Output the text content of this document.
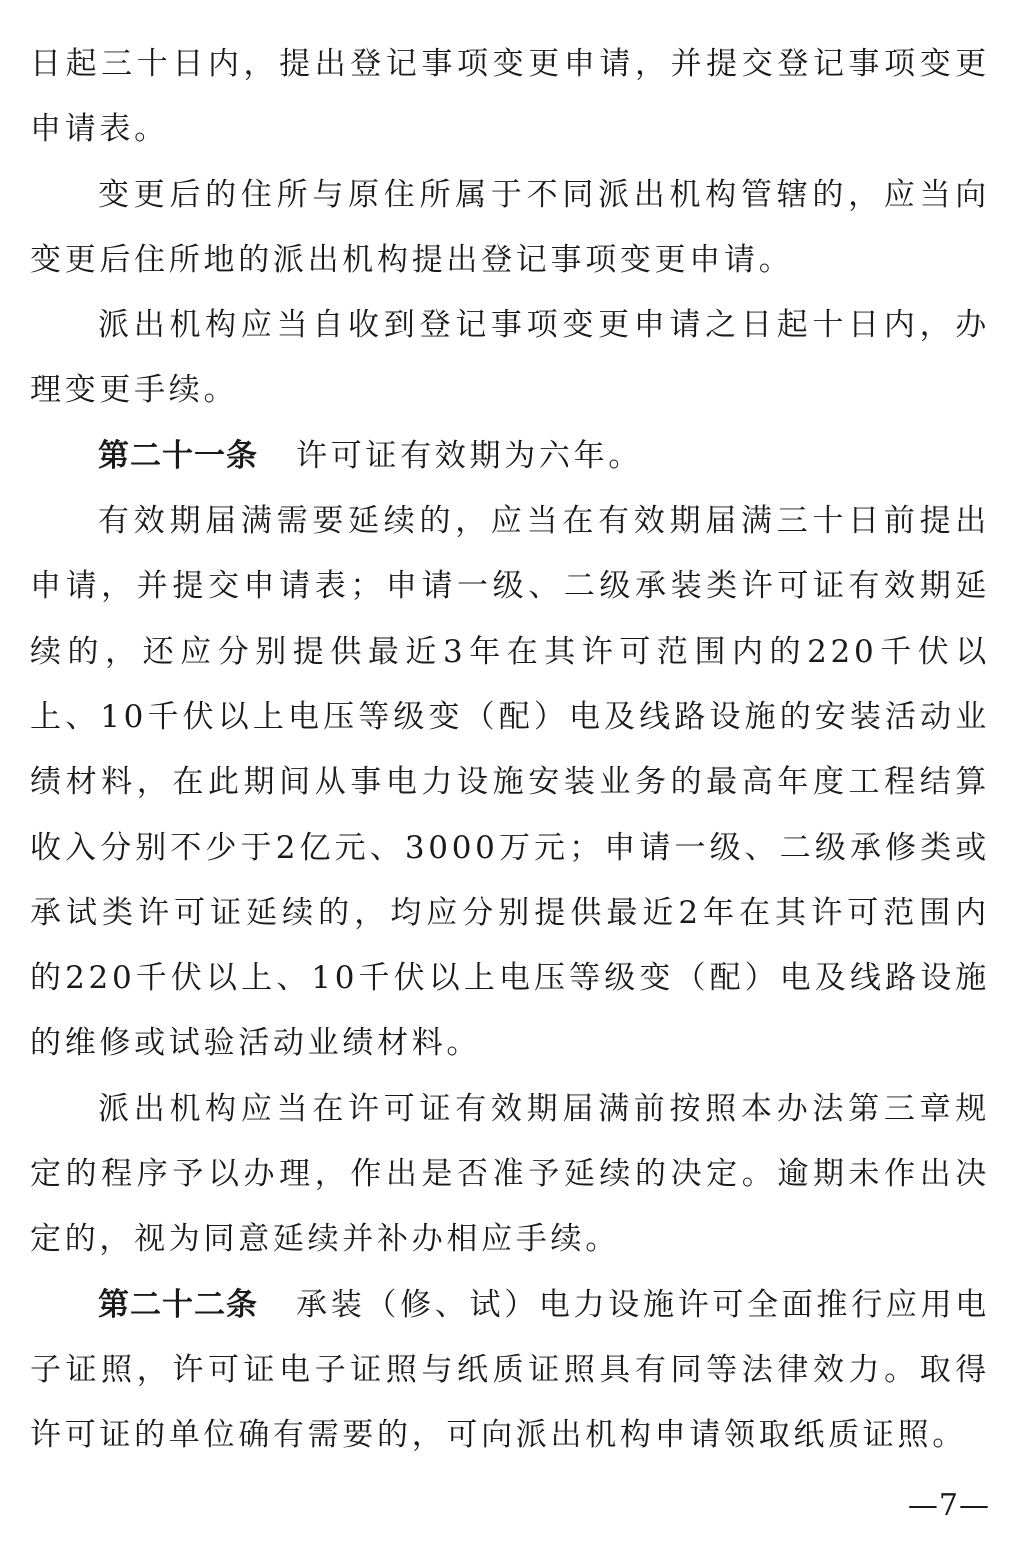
日起三十日内，提出登记事项变更申请，并提交登记事项变更申请表。

变更后的住所与原住所属于不同派出机构管辖的，应当向变更后住所地的派出机构提出登记事项变更申请。

派出机构应当自收到登记事项变更申请之日起十日内，办理变更手续。

第二十一条 许可证有效期为六年。

有效期届满需要延续的，应当在有效期届满三十日前提出申请，并提交申请表；申请一级、二级承装类许可证有效期延续的，还应分别提供最近3年在其许可范围内的220千伏以上、10千伏以上电压等级变（配）电及线路设施的安装活动业绩材料，在此期间从事电力设施安装业务的最高年度工程结算收入分别不少于2亿元、3000万元；申请一级、二级承修类或承试类许可证延续的，均应分别提供最近2年在其许可范围内的220千伏以上、10千伏以上电压等级变（配）电及线路设施的维修或试验活动业绩材料。

派出机构应当在许可证有效期届满前按照本办法第三章规定的程序予以办理，作出是否准予延续的决定。逾期未作出决定的，视为同意延续并补办相应手续。

第二十二条 承装（修、试）电力设施许可全面推行应用电子证照，许可证电子证照与纸质证照具有同等法律效力。取得许可证的单位确有需要的，可向派出机构申请领取纸质证照。

—7—
